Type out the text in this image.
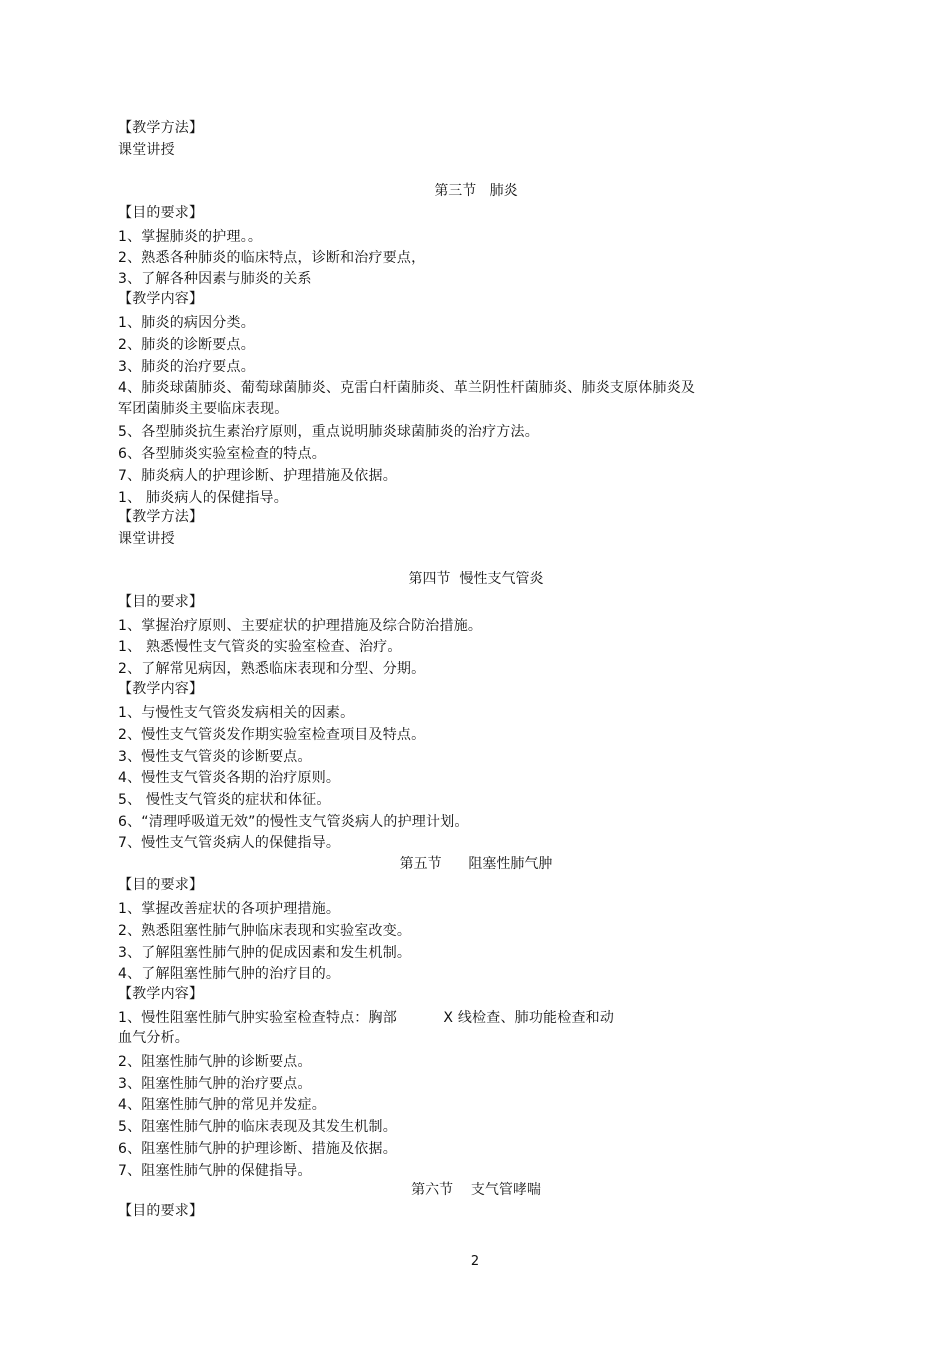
【教学方法】
课堂讲授
第三节   肺炎
【目的要求】
1、掌握肺炎的护理。。
2、熟悉各种肺炎的临床特点，诊断和治疗要点，
3、了解各种因素与肺炎的关系
【教学内容】
1、肺炎的病因分类。
2、肺炎的诊断要点。
3、肺炎的治疗要点。
4、肺炎球菌肺炎、葡萄球菌肺炎、克雷白杆菌肺炎、革兰阴性杆菌肺炎、肺炎支原体肺炎及
军团菌肺炎主要临床表现。
5、各型肺炎抗生素治疗原则，重点说明肺炎球菌肺炎的治疗方法。
6、各型肺炎实验室检查的特点。
7、肺炎病人的护理诊断、护理措施及依据。
1、 肺炎病人的保健指导。
【教学方法】
课堂讲授
第四节  慢性支气管炎
【目的要求】
1、掌握治疗原则、主要症状的护理措施及综合防治措施。
1、 熟悉慢性支气管炎的实验室检查、治疗。
2、了解常见病因，熟悉临床表现和分型、分期。
【教学内容】
1、与慢性支气管炎发病相关的因素。
2、慢性支气管炎发作期实验室检查项目及特点。
3、慢性支气管炎的诊断要点。
4、慢性支气管炎各期的治疗原则。
5、 慢性支气管炎的症状和体征。
6、“清理呼吸道无效”的慢性支气管炎病人的护理计划。
7、慢性支气管炎病人的保健指导。
第五节      阻塞性肺气肿
【目的要求】
1、掌握改善症状的各项护理措施。
2、熟悉阻塞性肺气肿临床表现和实验室改变。
3、了解阻塞性肺气肿的促成因素和发生机制。
4、了解阻塞性肺气肿的治疗目的。
【教学内容】
1、慢性阻塞性肺气肿实验室检查特点：胸部          X 线检查、肺功能检查和动
血气分析。
2、阻塞性肺气肿的诊断要点。
3、阻塞性肺气肿的治疗要点。
4、阻塞性肺气肿的常见并发症。
5、阻塞性肺气肿的临床表现及其发生机制。
6、阻塞性肺气肿的护理诊断、措施及依据。
7、阻塞性肺气肿的保健指导。
第六节    支气管哮喘
【目的要求】
2
